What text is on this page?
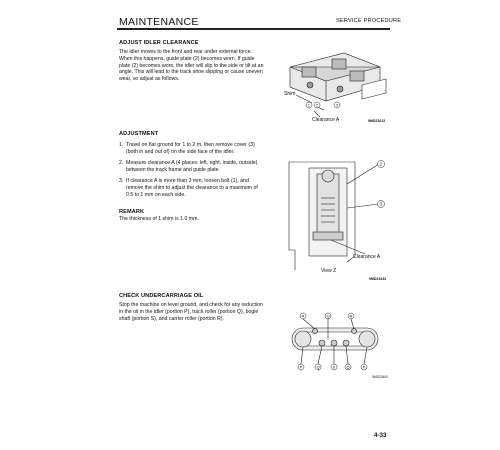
MAINTENANCE	SERVICE PROCEDURE
ADJUST IDLER CLEARANCE
The idler moves to the front and rear under external force.
When this happens, guide plate (2) becomes worn. If guide
plate (2) becomes worn, the idler will slip to the side or tilt at an
angle. This will lead to the track shoe slipping or cause uneven
wear, so adjust as follows.
1 2	3
Shim
Clearance A	9MD23413
ADJUSTMENT
1. Travel on flat ground for 1 to 2 m, then remove cover (3)
(both in and out of) on the side face of the idler.
2. Measure clearance A (4 places: left, right, inside, outside)
between the track frame and guide plate.
3. If clearance A is more than 3 mm, loosen bolt (1), and
remove the shim to adjust the clearance to a maximum of
0.5 to 1 mm on each side.
REMARK
The thickness of 1 shim is 1.0 mm.
2
3
Clearance A
View Z
9MD23433
CHECK UNDERCARRIAGE OIL
Stop the machine on level ground, and check for any reduction
in the oil in the idler (portion P), track roller (portion Q), bogie
shaft (portion S), and carrier roller (portion R).	R	Q	R
P	Q	S	Q	P
9MD23400
4-33
